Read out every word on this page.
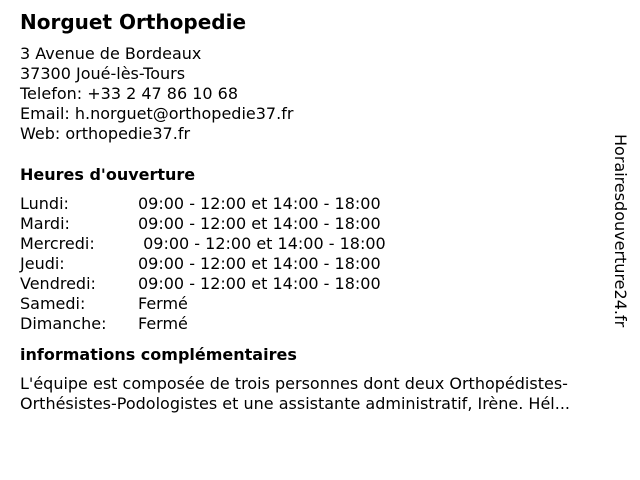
Norguet Orthopedie
3 Avenue de Bordeaux
37300 Joué-lès-Tours
Telefon: +33 2 47 86 10 68
Email: h.norguet@orthopedie37.fr
Web: orthopedie37.fr
Heures d'ouverture
Lundi:	09:00 - 12:00 et 14:00 - 18:00
Mardi:	09:00 - 12:00 et 14:00 - 18:00
Mercredi:	09:00 - 12:00 et 14:00 - 18:00
Jeudi:	09:00 - 12:00 et 14:00 - 18:00
Vendredi:	09:00 - 12:00 et 14:00 - 18:00
Samedi:	Fermé
Dimanche:	Fermé
informations complémentaires
L'équipe est composée de trois personnes dont deux Orthopédistes-
Orthésistes-Podologistes et une assistante administratif, Irène. Hél...
Horairesdouverture24.fr
